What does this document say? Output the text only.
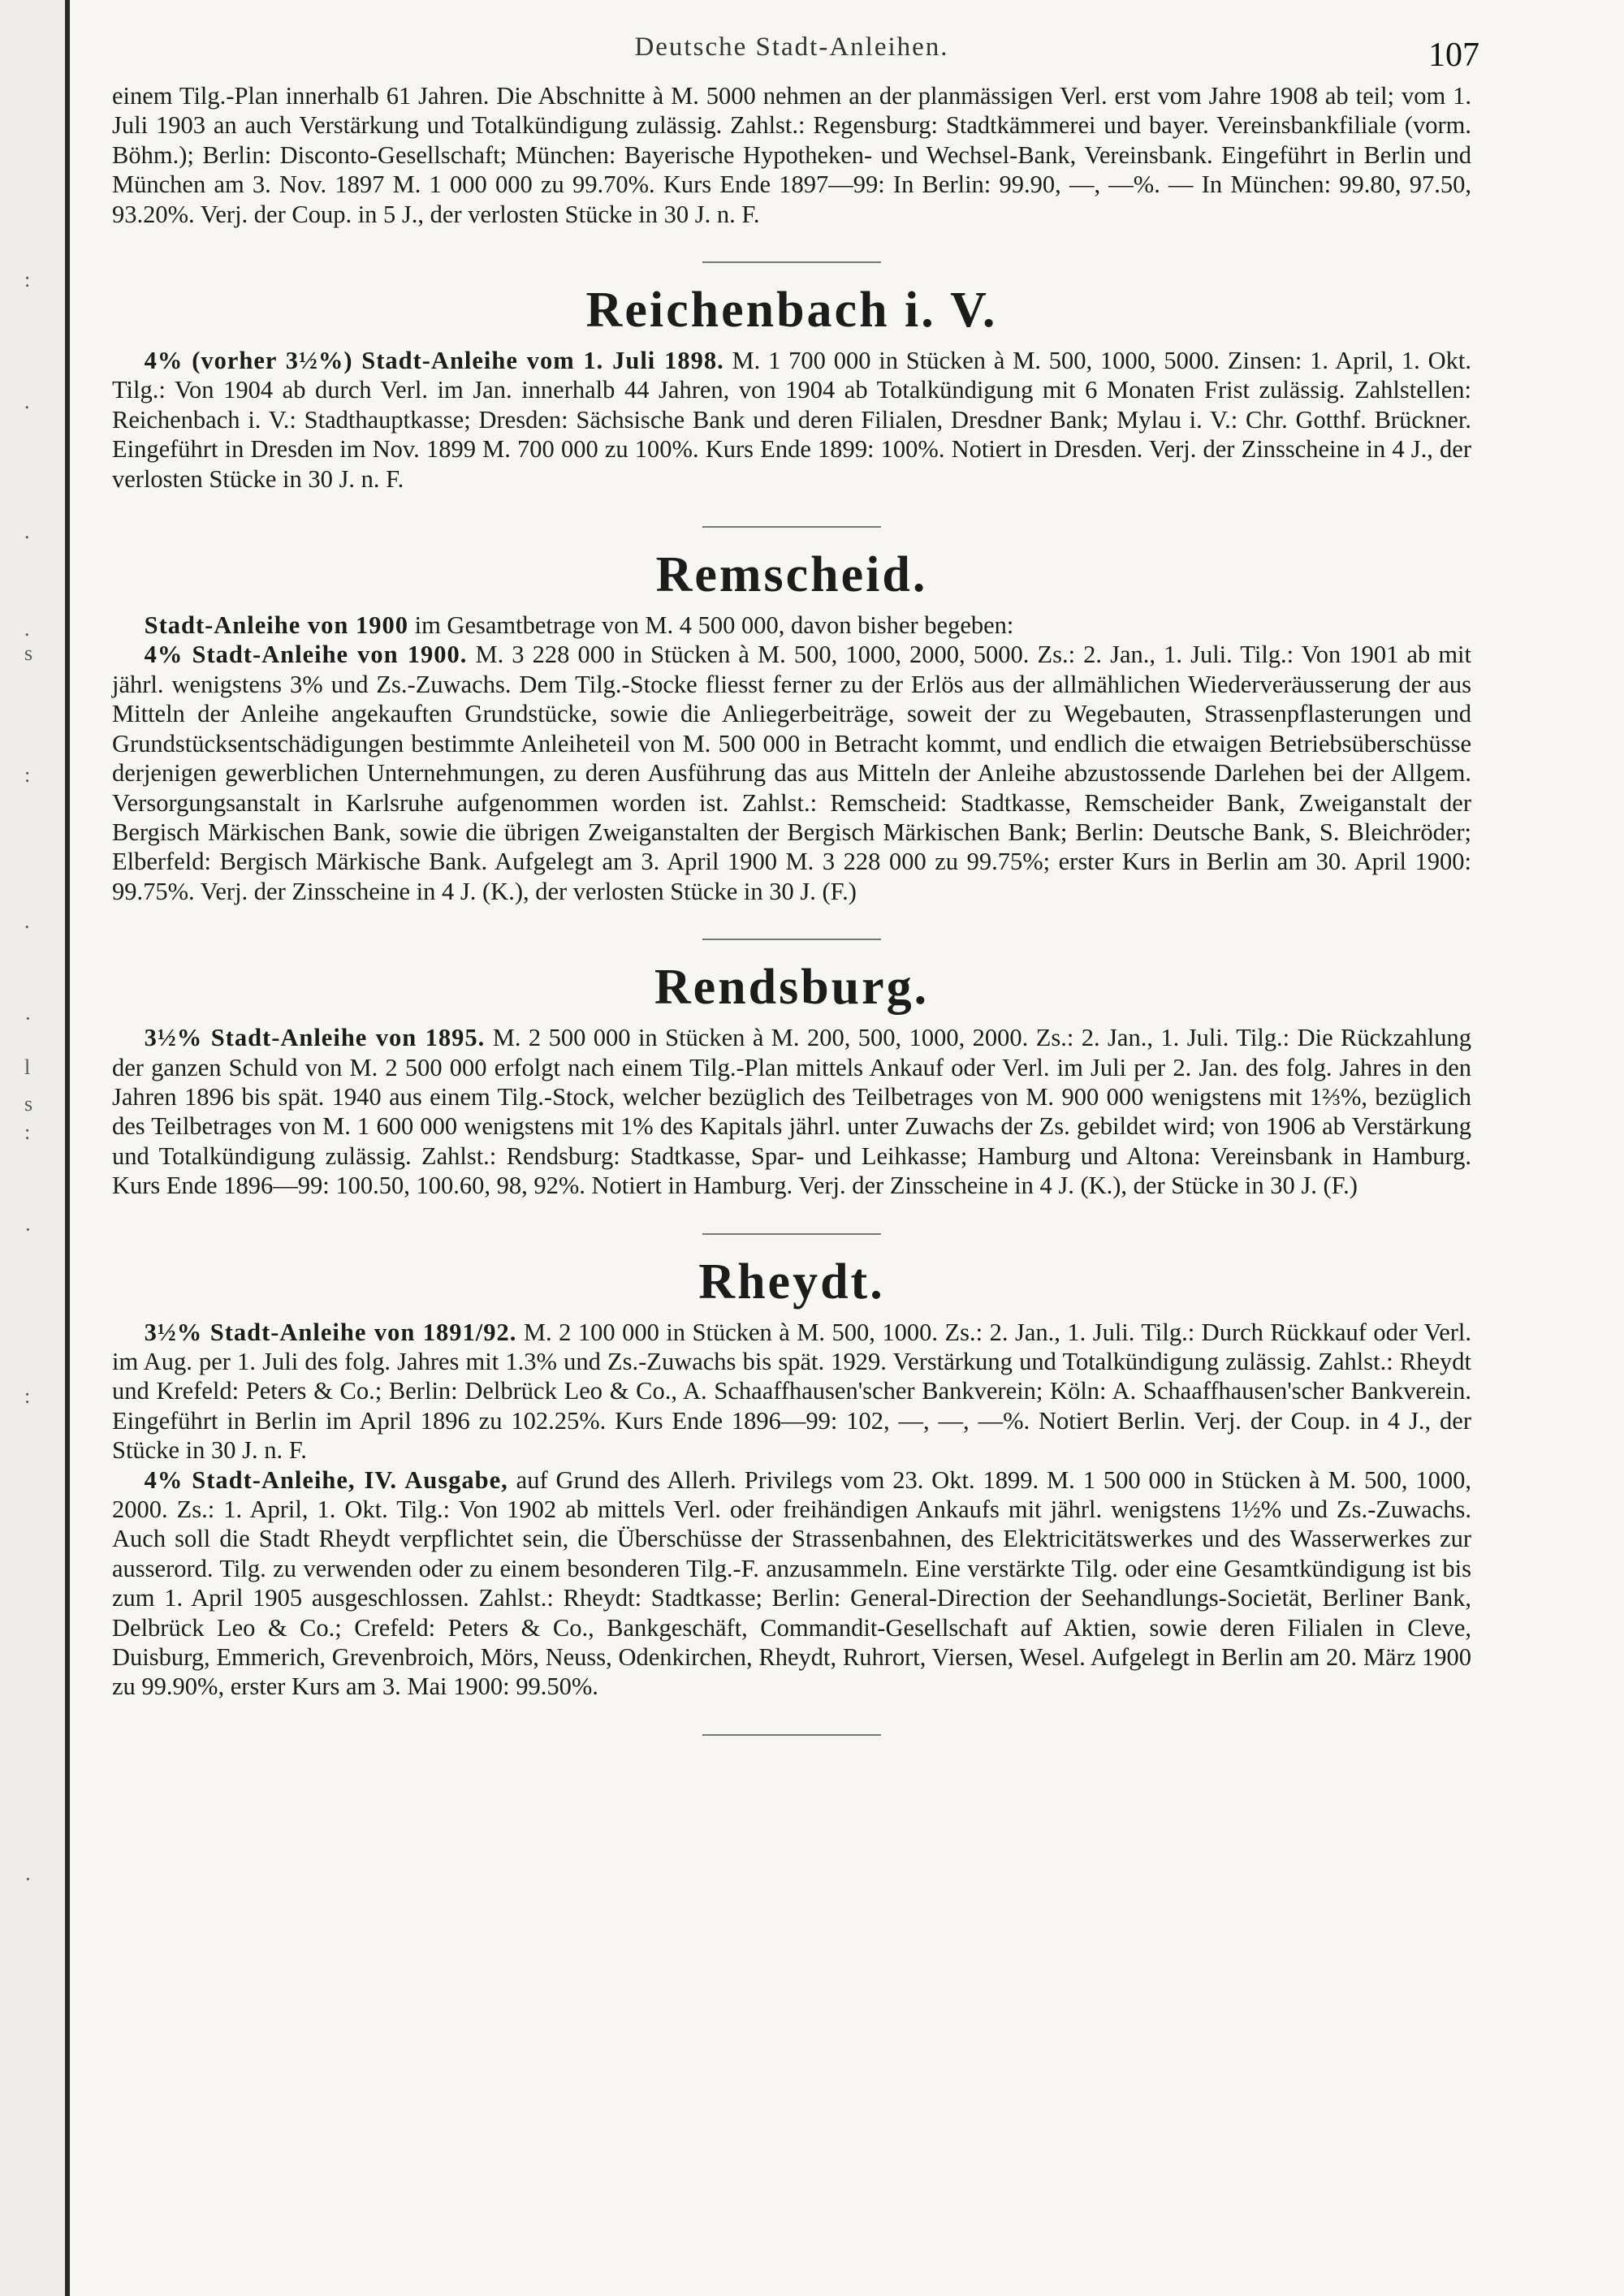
:
.
.
.
s
:
.
·
l
:
s
·
:
·
Deutsche Stadt-Anleihen.	107

einem Tilg.-Plan innerhalb 61 Jahren. Die Abschnitte à M. 5000 nehmen an der planmässigen Verl. erst vom Jahre 1908 ab teil; vom 1. Juli 1903 an auch Verstärkung und Totalkündigung zulässig. Zahlst.: Regensburg: Stadtkämmerei und bayer. Vereinsbankfiliale (vorm. Böhm.); Berlin: Disconto-Gesellschaft; München: Bayerische Hypotheken- und Wechsel-Bank, Vereinsbank. Eingeführt in Berlin und München am 3. Nov. 1897 M. 1 000 000 zu 99.70%. Kurs Ende 1897—99: In Berlin: 99.90, —, —%. — In München: 99.80, 97.50, 93.20%. Verj. der Coup. in 5 J., der verlosten Stücke in 30 J. n. F.

Reichenbach i. V.

4% (vorher 3½%) Stadt-Anleihe vom 1. Juli 1898. M. 1 700 000 in Stücken à M. 500, 1000, 5000. Zinsen: 1. April, 1. Okt. Tilg.: Von 1904 ab durch Verl. im Jan. innerhalb 44 Jahren, von 1904 ab Totalkündigung mit 6 Monaten Frist zulässig. Zahlstellen: Reichenbach i. V.: Stadthauptkasse; Dresden: Sächsische Bank und deren Filialen, Dresdner Bank; Mylau i. V.: Chr. Gotthf. Brückner. Eingeführt in Dresden im Nov. 1899 M. 700 000 zu 100%. Kurs Ende 1899: 100%. Notiert in Dresden. Verj. der Zinsscheine in 4 J., der verlosten Stücke in 30 J. n. F.

Remscheid.

Stadt-Anleihe von 1900 im Gesamtbetrage von M. 4 500 000, davon bisher begeben:

4% Stadt-Anleihe von 1900. M. 3 228 000 in Stücken à M. 500, 1000, 2000, 5000. Zs.: 2. Jan., 1. Juli. Tilg.: Von 1901 ab mit jährl. wenigstens 3% und Zs.-Zuwachs. Dem Tilg.-Stocke fliesst ferner zu der Erlös aus der allmählichen Wiederveräusserung der aus Mitteln der Anleihe angekauften Grundstücke, sowie die Anliegerbeiträge, soweit der zu Wegebauten, Strassenpflasterungen und Grundstücksentschädigungen bestimmte Anleiheteil von M. 500 000 in Betracht kommt, und endlich die etwaigen Betriebsüberschüsse derjenigen gewerblichen Unternehmungen, zu deren Ausführung das aus Mitteln der Anleihe abzustossende Darlehen bei der Allgem. Versorgungsanstalt in Karlsruhe aufgenommen worden ist. Zahlst.: Remscheid: Stadtkasse, Remscheider Bank, Zweiganstalt der Bergisch Märkischen Bank, sowie die übrigen Zweiganstalten der Bergisch Märkischen Bank; Berlin: Deutsche Bank, S. Bleichröder; Elberfeld: Bergisch Märkische Bank. Aufgelegt am 3. April 1900 M. 3 228 000 zu 99.75%; erster Kurs in Berlin am 30. April 1900: 99.75%. Verj. der Zinsscheine in 4 J. (K.), der verlosten Stücke in 30 J. (F.)

Rendsburg.

3½% Stadt-Anleihe von 1895. M. 2 500 000 in Stücken à M. 200, 500, 1000, 2000. Zs.: 2. Jan., 1. Juli. Tilg.: Die Rückzahlung der ganzen Schuld von M. 2 500 000 erfolgt nach einem Tilg.-Plan mittels Ankauf oder Verl. im Juli per 2. Jan. des folg. Jahres in den Jahren 1896 bis spät. 1940 aus einem Tilg.-Stock, welcher bezüglich des Teilbetrages von M. 900 000 wenigstens mit 1⅔%, bezüglich des Teilbetrages von M. 1 600 000 wenigstens mit 1% des Kapitals jährl. unter Zuwachs der Zs. gebildet wird; von 1906 ab Verstärkung und Totalkündigung zulässig. Zahlst.: Rendsburg: Stadtkasse, Spar- und Leihkasse; Hamburg und Altona: Vereinsbank in Hamburg. Kurs Ende 1896—99: 100.50, 100.60, 98, 92%. Notiert in Hamburg. Verj. der Zinsscheine in 4 J. (K.), der Stücke in 30 J. (F.)

Rheydt.

3½% Stadt-Anleihe von 1891/92. M. 2 100 000 in Stücken à M. 500, 1000. Zs.: 2. Jan., 1. Juli. Tilg.: Durch Rückkauf oder Verl. im Aug. per 1. Juli des folg. Jahres mit 1.3% und Zs.-Zuwachs bis spät. 1929. Verstärkung und Totalkündigung zulässig. Zahlst.: Rheydt und Krefeld: Peters & Co.; Berlin: Delbrück Leo & Co., A. Schaaffhausen'scher Bankverein; Köln: A. Schaaffhausen'scher Bankverein. Eingeführt in Berlin im April 1896 zu 102.25%. Kurs Ende 1896—99: 102, —, —, —%. Notiert Berlin. Verj. der Coup. in 4 J., der Stücke in 30 J. n. F.

4% Stadt-Anleihe, IV. Ausgabe, auf Grund des Allerh. Privilegs vom 23. Okt. 1899. M. 1 500 000 in Stücken à M. 500, 1000, 2000. Zs.: 1. April, 1. Okt. Tilg.: Von 1902 ab mittels Verl. oder freihändigen Ankaufs mit jährl. wenigstens 1½% und Zs.-Zuwachs. Auch soll die Stadt Rheydt verpflichtet sein, die Überschüsse der Strassenbahnen, des Elektricitätswerkes und des Wasserwerkes zur ausserord. Tilg. zu verwenden oder zu einem besonderen Tilg.-F. anzusammeln. Eine verstärkte Tilg. oder eine Gesamtkündigung ist bis zum 1. April 1905 ausgeschlossen. Zahlst.: Rheydt: Stadtkasse; Berlin: General-Direction der Seehandlungs-Societät, Berliner Bank, Delbrück Leo & Co.; Crefeld: Peters & Co., Bankgeschäft, Commandit-Gesellschaft auf Aktien, sowie deren Filialen in Cleve, Duisburg, Emmerich, Grevenbroich, Mörs, Neuss, Odenkirchen, Rheydt, Ruhrort, Viersen, Wesel. Aufgelegt in Berlin am 20. März 1900 zu 99.90%, erster Kurs am 3. Mai 1900: 99.50%.
